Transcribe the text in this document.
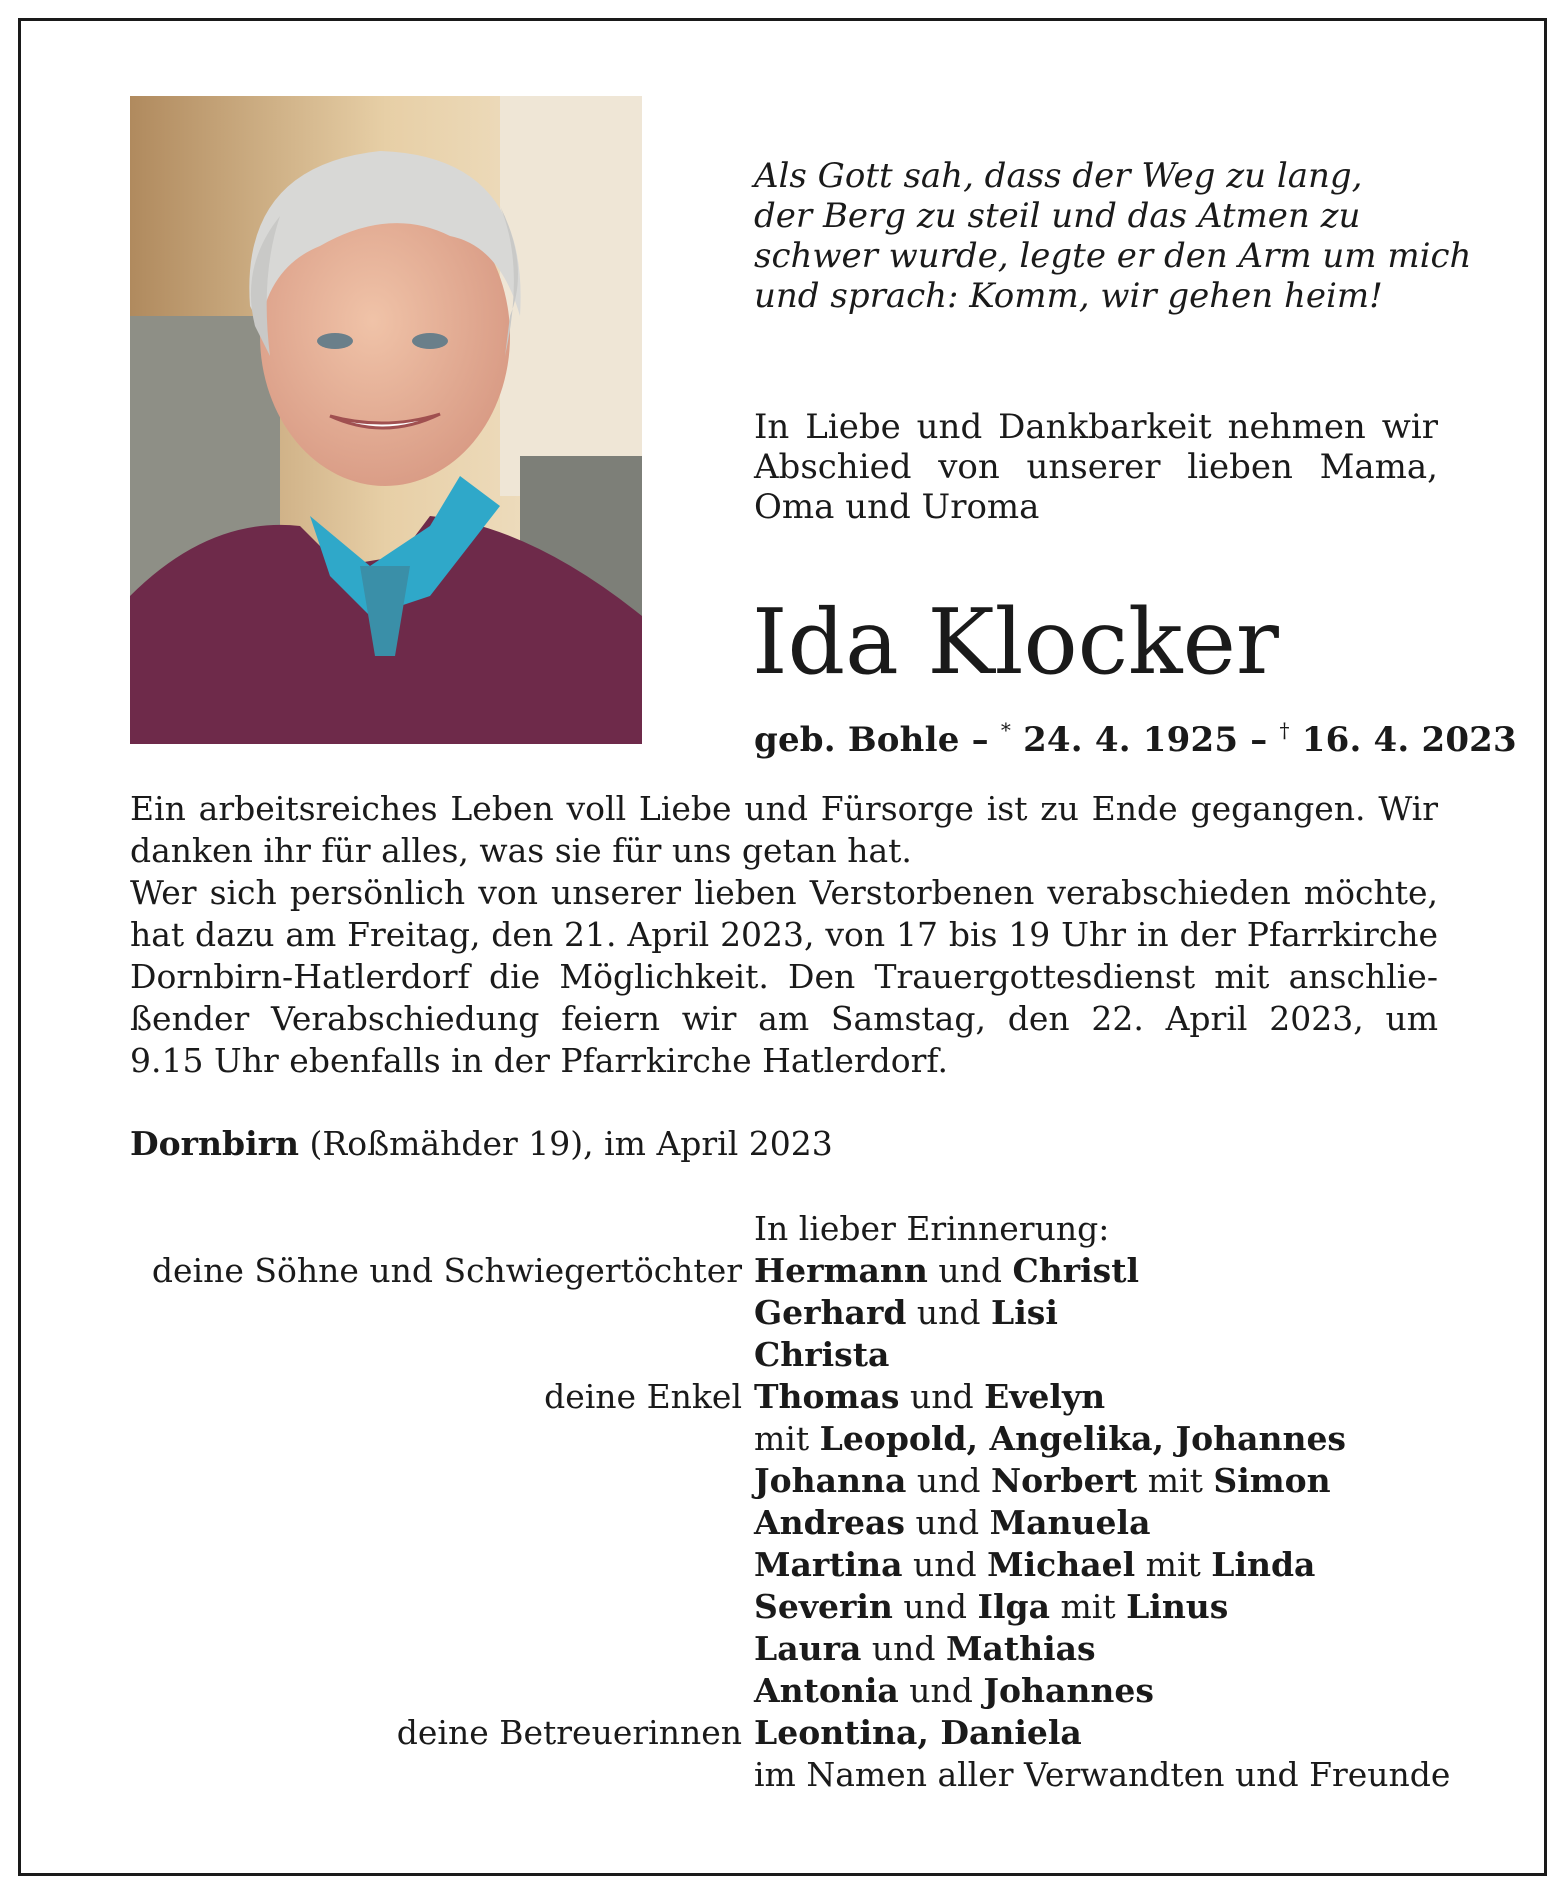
Als Gott sah, dass der Weg zu lang,
der Berg zu steil und das Atmen zu
schwer wurde, legte er den Arm um mich
und sprach: Komm, wir gehen heim!
In Liebe und Dankbarkeit nehmen wir
Abschied von unserer lieben Mama,
Oma und Uroma
Ida Klocker
geb. Bohle – * 24. 4. 1925 – † 16. 4. 2023
Ein arbeitsreiches Leben voll Liebe und Fürsorge ist zu Ende gegangen. Wir
danken ihr für alles, was sie für uns getan hat.
Wer sich persönlich von unserer lieben Verstorbenen verabschieden möchte,
hat dazu am Freitag, den 21. April 2023, von 17 bis 19 Uhr in der Pfarrkirche
Dornbirn-Hatlerdorf die Möglichkeit. Den Trauergottesdienst mit anschlie-
ßender Verabschiedung feiern wir am Samstag, den 22. April 2023, um
9.15 Uhr ebenfalls in der Pfarrkirche Hatlerdorf.
Dornbirn (Roßmähder 19), im April 2023
In lieber Erinnerung:
deine Söhne und Schwiegertöchter Hermann und Christl
Gerhard und Lisi
Christa
deine Enkel Thomas und Evelyn
mit Leopold, Angelika, Johannes
Johanna und Norbert mit Simon
Andreas und Manuela
Martina und Michael mit Linda
Severin und Ilga mit Linus
Laura und Mathias
Antonia und Johannes
deine Betreuerinnen Leontina, Daniela
im Namen aller Verwandten und Freunde
